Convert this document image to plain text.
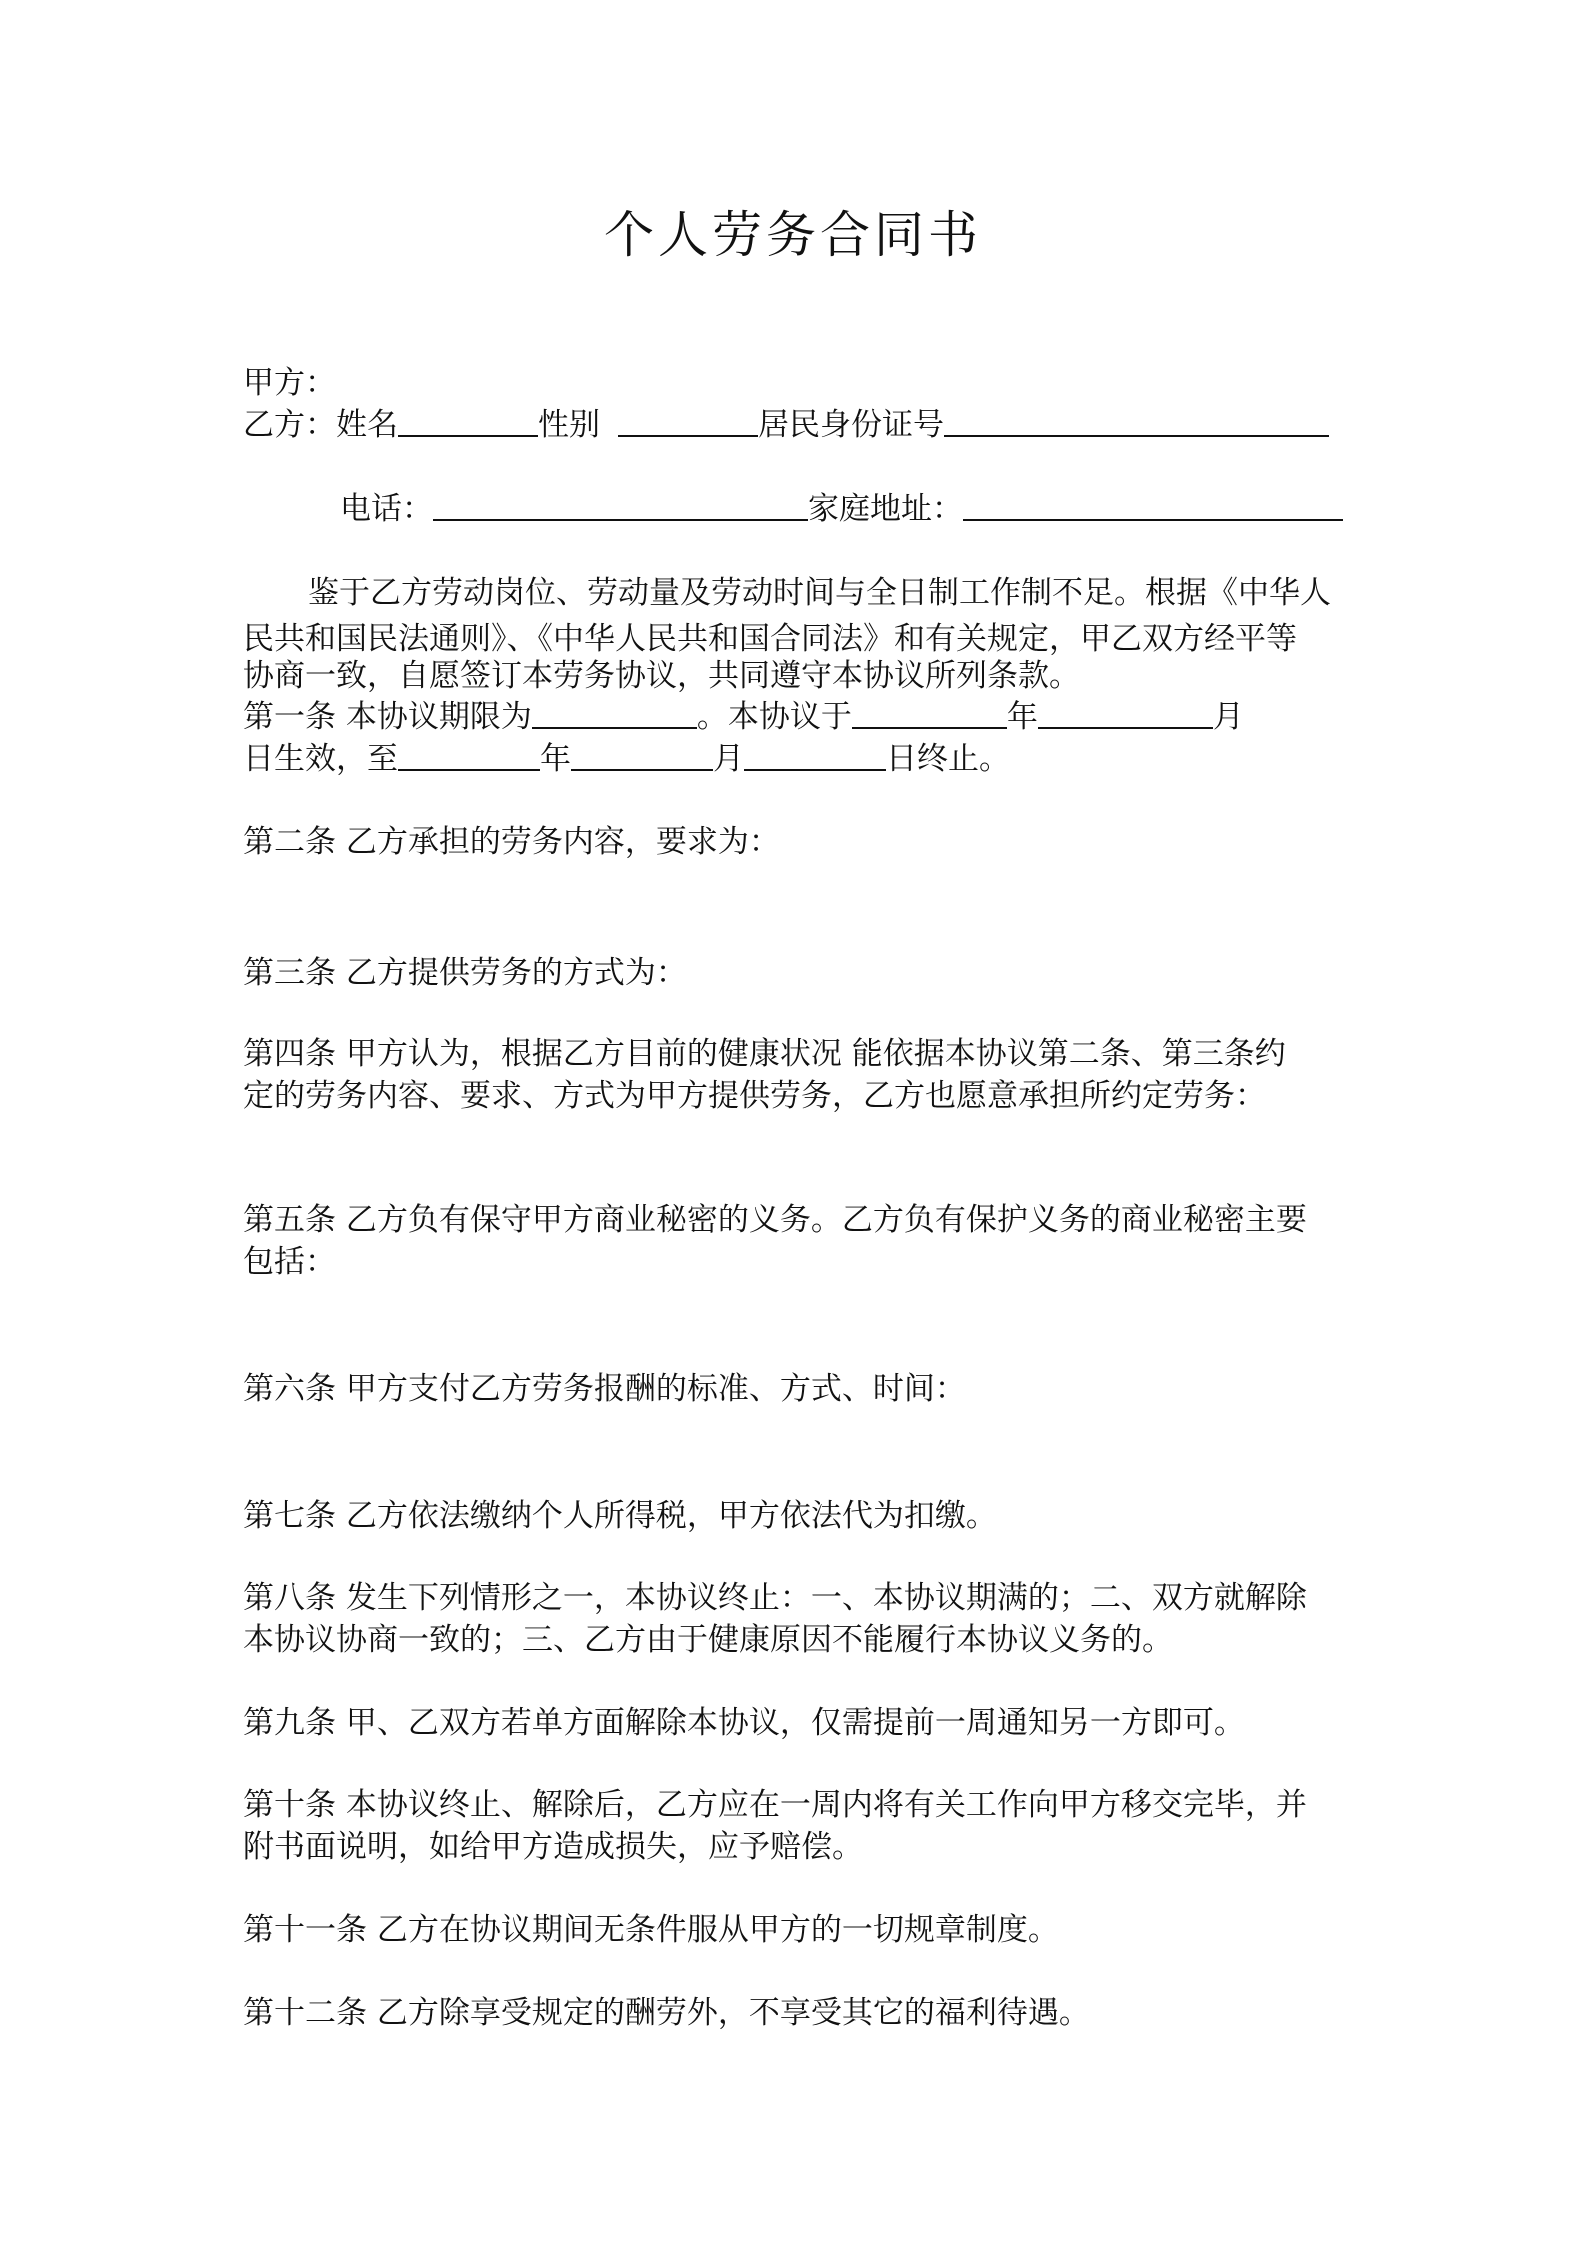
个人劳务合同书
甲方：
乙方：姓名	性别	居民身份证号
电话：	家庭地址：
鉴于乙方劳动岗位、劳动量及劳动时间与全日制工作制不足。根据《中华人
民共和国民法通则》、《中华人民共和国合同法》和有关规定，甲乙双方经平等
协商一致，自愿签订本劳务协议，共同遵守本协议所列条款。
第一条 本协议期限为	。本协议于	年	月
日生效，至	年	月	日终止。
第二条 乙方承担的劳务内容，要求为：
第三条 乙方提供劳务的方式为：
第四条 甲方认为，根据乙方目前的健康状况 能依据本协议第二条、第三条约
定的劳务内容、要求、方式为甲方提供劳务，乙方也愿意承担所约定劳务：
第五条 乙方负有保守甲方商业秘密的义务。乙方负有保护义务的商业秘密主要
包括：
第六条 甲方支付乙方劳务报酬的标准、方式、时间：
第七条 乙方依法缴纳个人所得税，甲方依法代为扣缴。
第八条 发生下列情形之一，本协议终止：一、本协议期满的；二、双方就解除
本协议协商一致的；三、乙方由于健康原因不能履行本协议义务的。
第九条 甲、乙双方若单方面解除本协议，仅需提前一周通知另一方即可。
第十条 本协议终止、解除后，乙方应在一周内将有关工作向甲方移交完毕，并
附书面说明，如给甲方造成损失，应予赔偿。
第十一条 乙方在协议期间无条件服从甲方的一切规章制度。
第十二条 乙方除享受规定的酬劳外，不享受其它的福利待遇。
